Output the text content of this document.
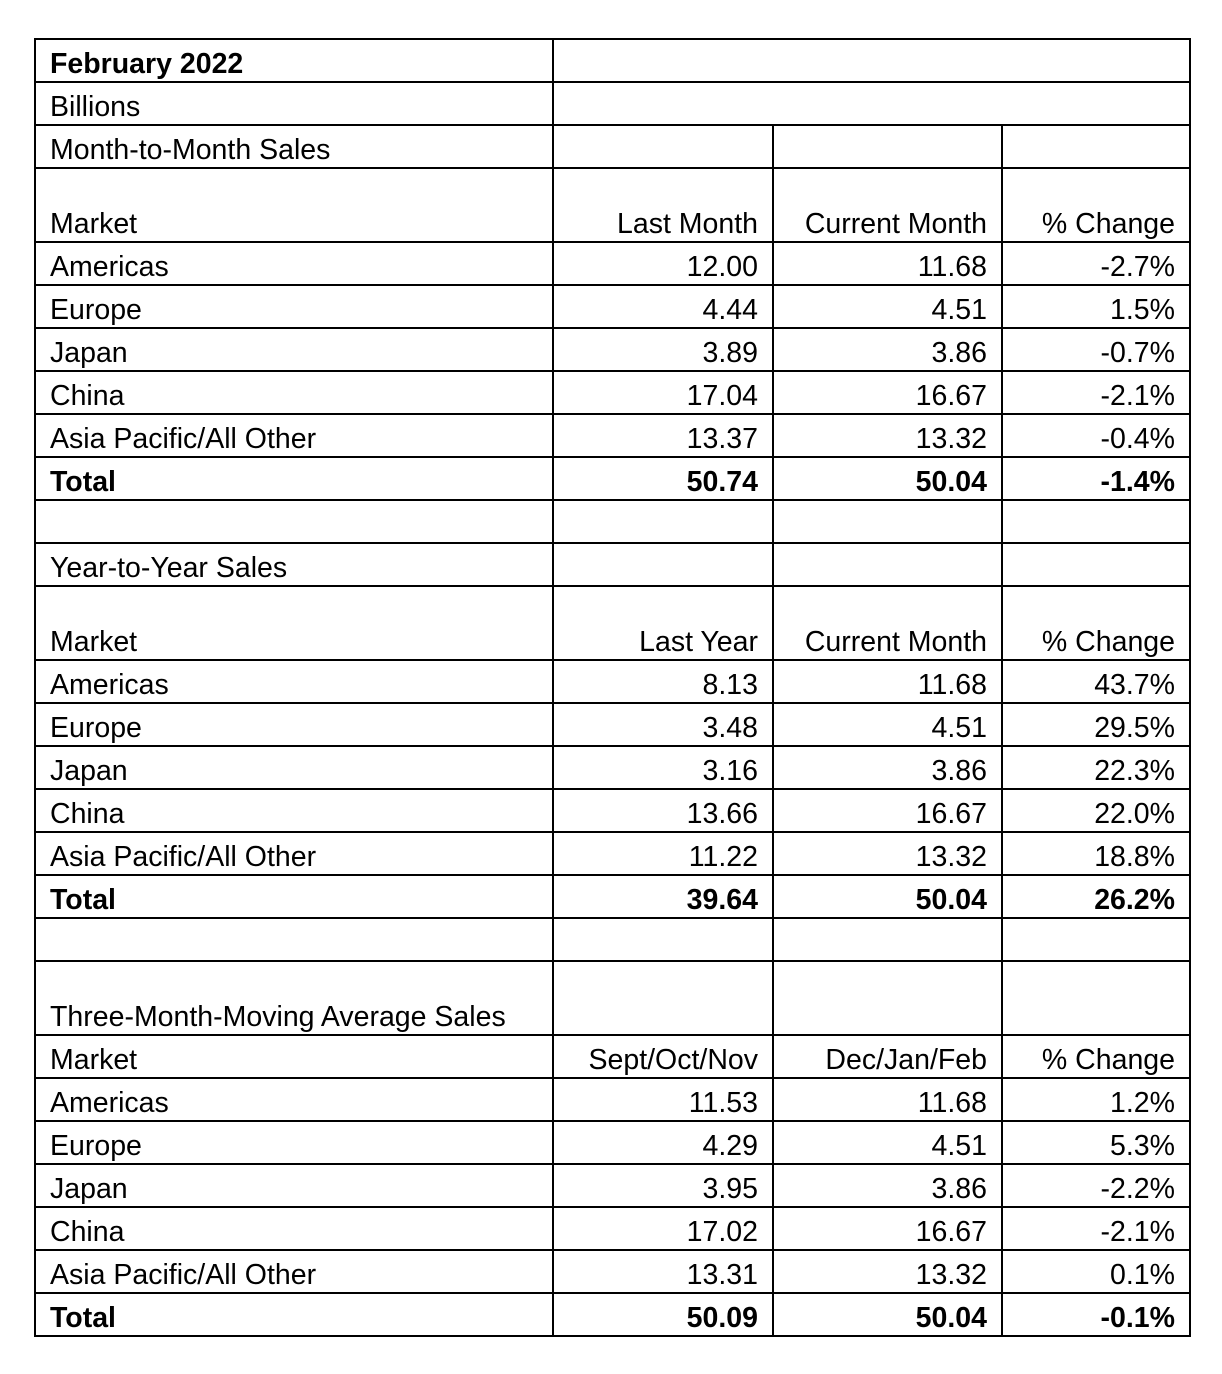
February 2022			
Billions			
Month-to-Month Sales			
Market	Last Month	Current Month	% Change
Americas	12.00	11.68	-2.7%
Europe	4.44	4.51	1.5%
Japan	3.89	3.86	-0.7%
China	17.04	16.67	-2.1%
Asia Pacific/All Other	13.37	13.32	-0.4%
Total	50.74	50.04	-1.4%

Year-to-Year Sales			
Market	Last Year	Current Month	% Change
Americas	8.13	11.68	43.7%
Europe	3.48	4.51	29.5%
Japan	3.16	3.86	22.3%
China	13.66	16.67	22.0%
Asia Pacific/All Other	11.22	13.32	18.8%
Total	39.64	50.04	26.2%

Three-Month-Moving Average Sales			
Market	Sept/Oct/Nov	Dec/Jan/Feb	% Change
Americas	11.53	11.68	1.2%
Europe	4.29	4.51	5.3%
Japan	3.95	3.86	-2.2%
China	17.02	16.67	-2.1%
Asia Pacific/All Other	13.31	13.32	0.1%
Total	50.09	50.04	-0.1%
